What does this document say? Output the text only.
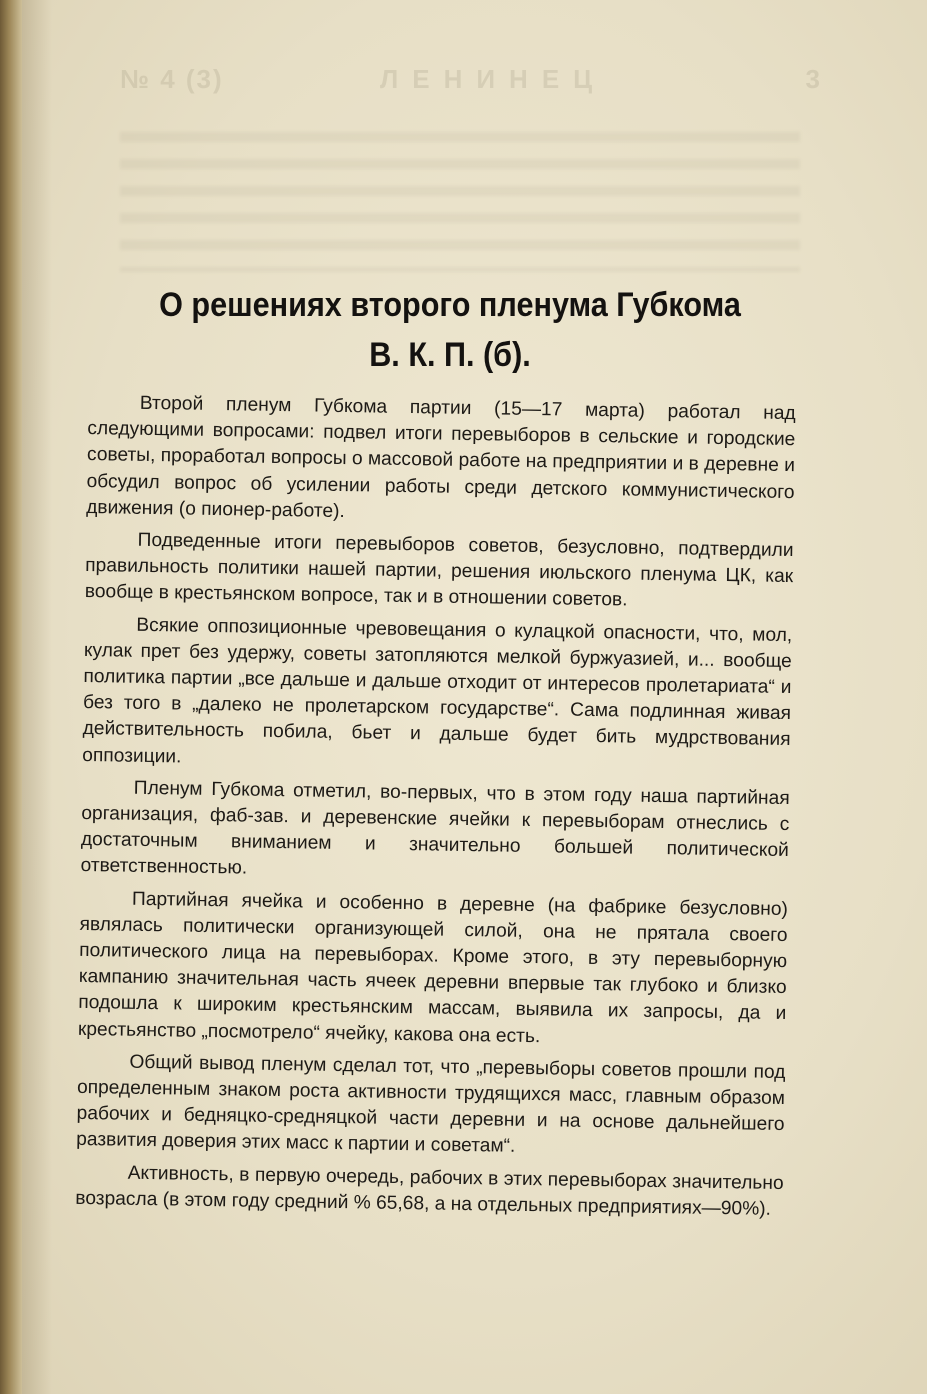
№ 4 (3)	ЛЕНИНЕЦ	3
О решениях второго пленума Губкома
В. К. П. (б).

Второй пленум Губкома партии (15—17 марта) работал над следующими вопросами: подвел итоги перевыборов в сельские и городские советы, проработал вопросы о массовой работе на предприятии и в деревне и обсудил вопрос об усилении работы среди детского коммунистического движения (о пионер-работе).

Подведенные итоги перевыборов советов, безусловно, подтвердили правильность политики нашей партии, решения июльского пленума ЦК, как вообще в крестьянском вопросе, так и в отношении советов.

Всякие оппозиционные чревовещания о кулацкой опасности, что, мол, кулак прет без удержу, советы затопляются мелкой буржуазией, и... вообще политика партии „все дальше и дальше отходит от интересов пролетариата“ и без того в „далеко не пролетарском государстве“. Сама подлинная живая действительность побила, бьет и дальше будет бить мудрствования оппозиции.

Пленум Губкома отметил, во-первых, что в этом году наша партийная организация, фаб-зав. и деревенские ячейки к перевыборам отнеслись с достаточным вниманием и значительно большей политической ответственностью.

Партийная ячейка и особенно в деревне (на фабрике безусловно) являлась политически организующей силой, она не прятала своего политического лица на перевыборах. Кроме этого, в эту перевыборную кампанию значительная часть ячеек деревни впервые так глубоко и близко подошла к широким крестьянским массам, выявила их запросы, да и крестьянство „посмотрело“ ячейку, какова она есть.

Общий вывод пленум сделал тот, что „перевыборы советов прошли под определенным знаком роста активности трудящихся масс, главным образом рабочих и бедняцко-средняцкой части деревни и на основе дальнейшего развития доверия этих масс к партии и советам“.

Активность, в первую очередь, рабочих в этих перевыборах значительно возрасла (в этом году средний % 65,68, а на отдельных предприятиях—90%).
